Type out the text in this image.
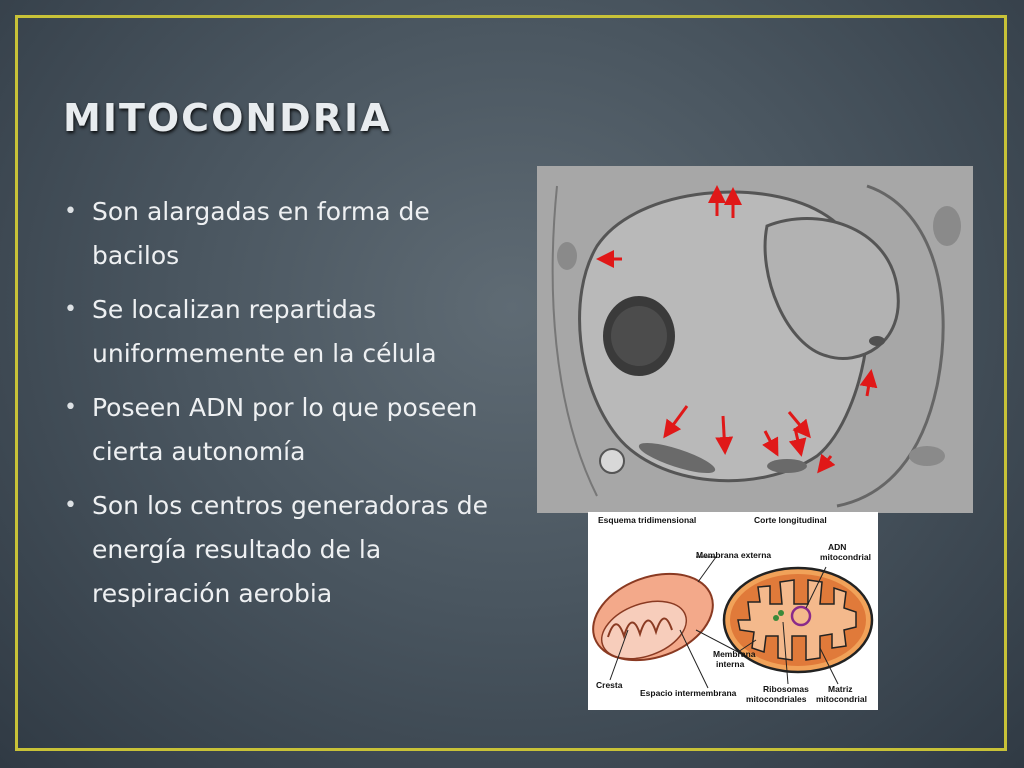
MITOCONDRIA
• Son alargadas en forma de bacilos
• Se localizan repartidas uniformemente en la célula
• Poseen ADN por lo que poseen cierta autonomía
• Son los centros generadoras de energía resultado de la respiración aerobia
Esquema tridimensional	Corte longitudinal
Membrana externa
ADN
mitocondrial
Membrana
interna
Cresta
Espacio intermembrana	Ribosomas
mitocondriales
Matriz
mitocondrial
